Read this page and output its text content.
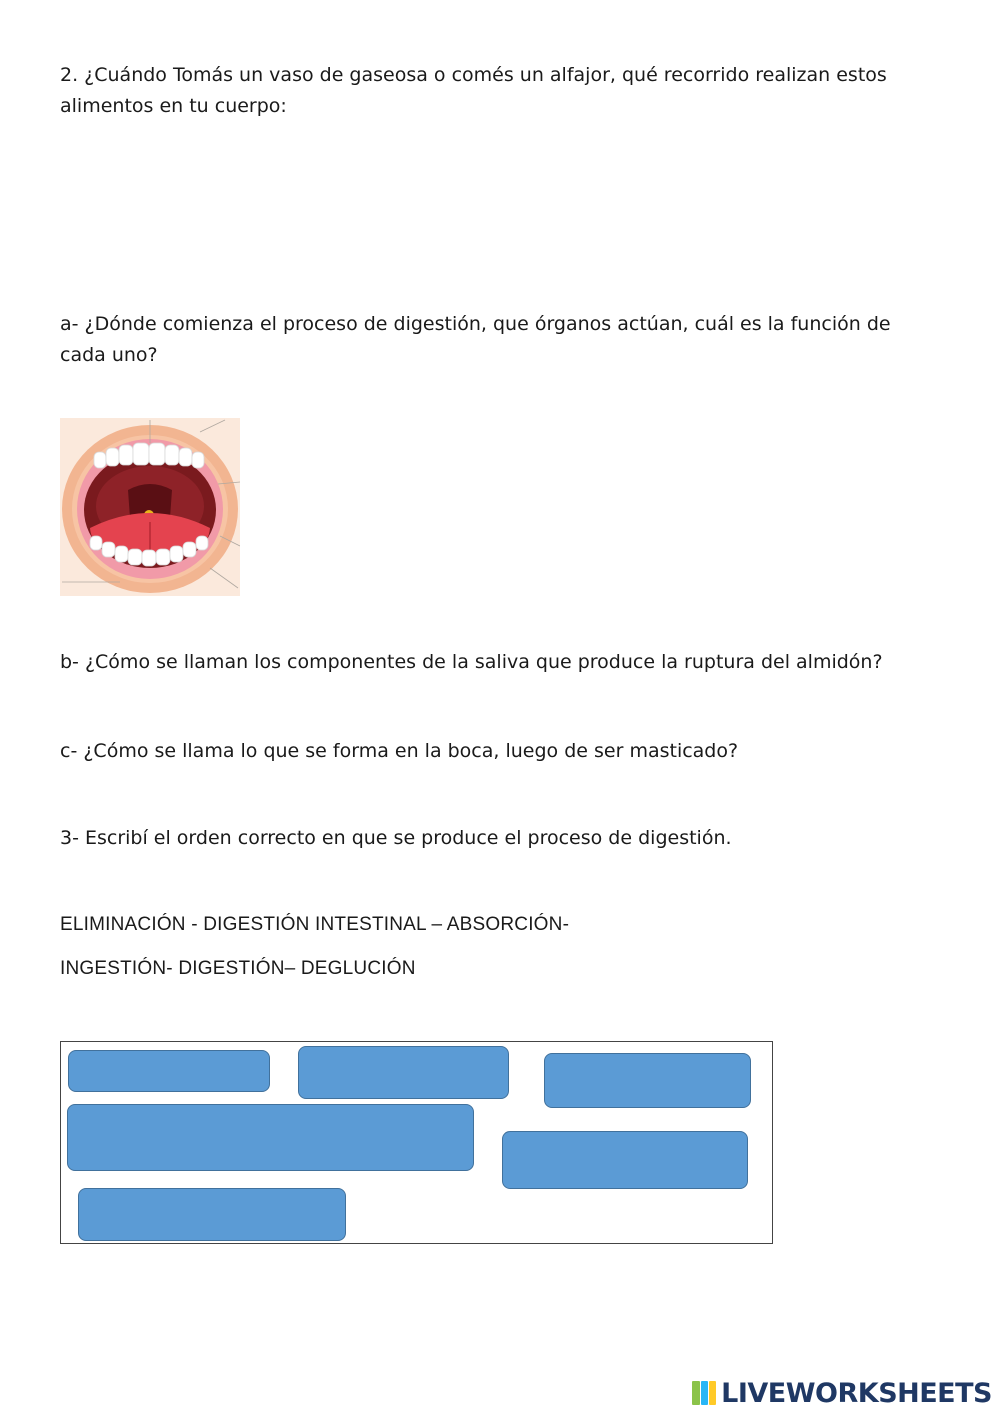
2. ¿Cuándo Tomás un vaso de gaseosa o comés un alfajor, qué recorrido realizan estos alimentos en tu cuerpo:

a- ¿Dónde comienza el proceso de digestión, que órganos actúan, cuál es la función de cada uno?

b- ¿Cómo se llaman los componentes de la saliva que produce la ruptura del almidón?

c- ¿Cómo se llama lo que se forma en la boca, luego de ser masticado?

3- Escribí el orden correcto en que se produce el proceso de digestión.

ELIMINACIÓN - DIGESTIÓN INTESTINAL – ABSORCIÓN-
INGESTIÓN- DIGESTIÓN– DEGLUCIÓN
LIVEWORKSHEETS
